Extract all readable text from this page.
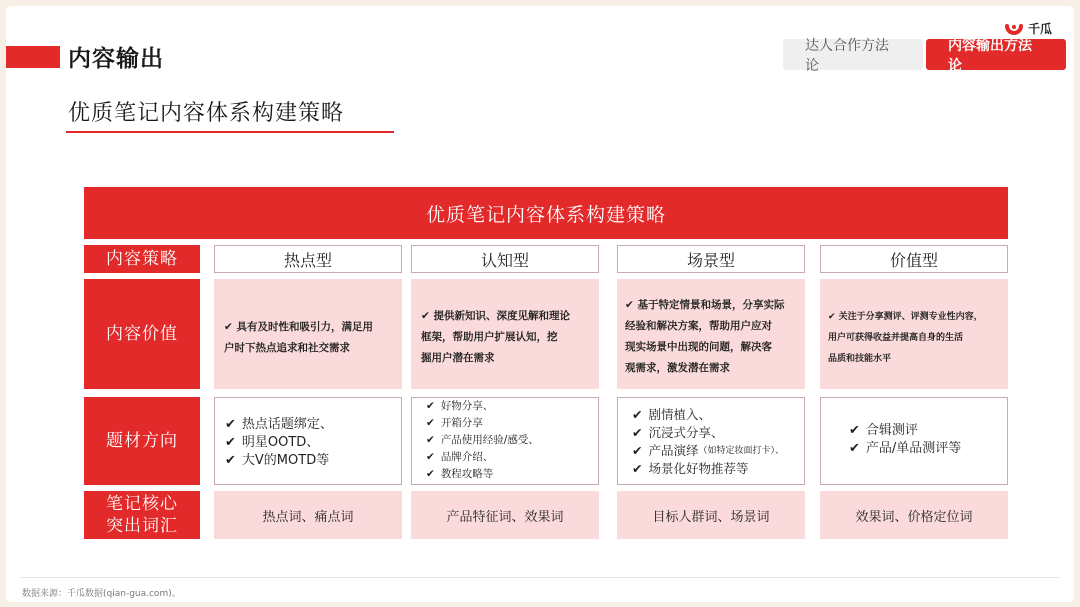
内容输出
千瓜
达人合作方法论
内容输出方法论
优质笔记内容体系构建策略
优质笔记内容体系构建策略
内容策略
内容价值
题材方向
笔记核心
突出词汇
热点型
✔ 具有及时性和吸引力，满足用
户时下热点追求和社交需求
✔ 热点话题绑定、
✔ 明星OOTD、
✔ 大V的MOTD等
热点词、痛点词
认知型
✔ 提供新知识、深度见解和理论
框架，帮助用户扩展认知，挖
掘用户潜在需求
✔ 好物分享、
✔ 开箱分享
✔ 产品使用经验/感受、
✔ 品牌介绍、
✔ 教程攻略等
产品特征词、效果词
场景型
✔ 基于特定情景和场景，分享实际
经验和解决方案，帮助用户应对
现实场景中出现的问题，解决客
观需求，激发潜在需求
✔ 剧情植入、
✔ 沉浸式分享、
✔ 产品演绎 （如特定妆面打卡）、
✔ 场景化好物推荐等
目标人群词、场景词
价值型
✔ 关注于分享测评、评测专业性内容，
用户可获得收益并提高自身的生活
品质和技能水平
✔ 合辑测评
✔ 产品/单品测评等
效果词、价格定位词
数据来源：千瓜数据(qian-gua.com)。
